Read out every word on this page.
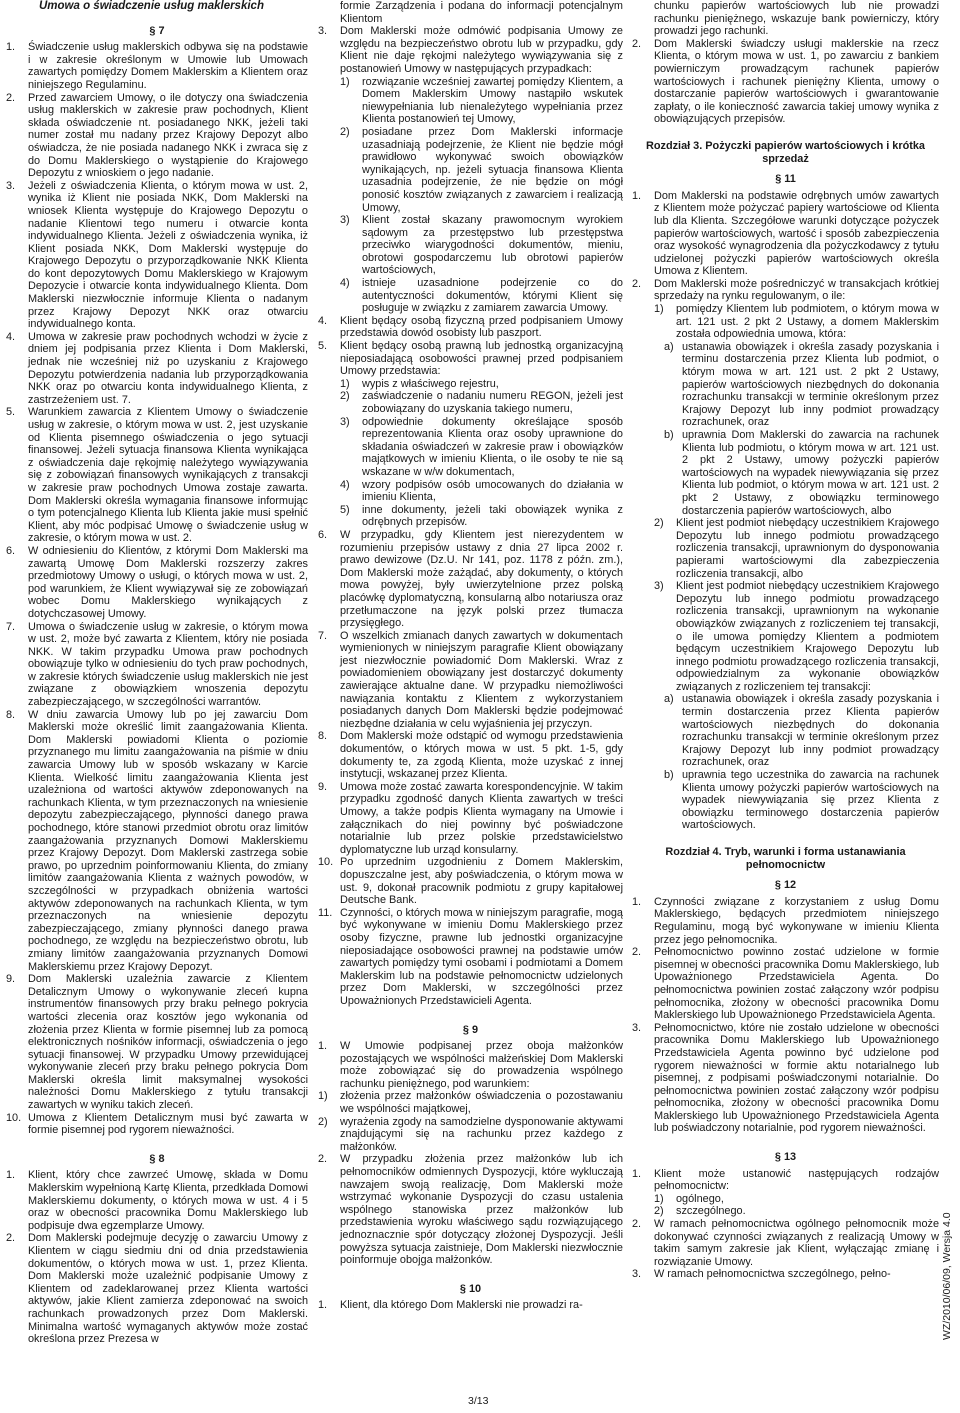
Umowa o świadczenie usług maklerskich
§ 7
1.	Świadczenie usług maklerskich odbywa się na podstawie i w zakresie określonym w Umowie lub Umowach zawartych pomiędzy Domem Maklerskim a Klientem oraz niniejszego Regulaminu.
2.	Przed zawarciem Umowy, o ile dotyczy ona świadczenia usług maklerskich w zakresie praw pochodnych, Klient składa oświadczenie nt. posiadanego NKK, jeżeli taki numer został mu nadany przez Krajowy Depozyt albo oświadcza, że nie posiada nadanego NKK i zwraca się z do Domu Maklerskiego o wystąpienie do Krajowego Depozytu z wnioskiem o jego nadanie.
3.	Jeżeli z oświadczenia Klienta, o którym mowa w ust. 2, wynika iż Klient nie posiada NKK, Dom Maklerski na wniosek Klienta występuje do Krajowego Depozytu o nadanie Klientowi tego numeru i otwarcie konta indywidualnego Klienta. Jeżeli z oświadczenia wynika, iż Klient posiada NKK, Dom Maklerski występuje do Krajowego Depozytu o przyporządkowanie NKK Klienta do kont depozytowych Domu Maklerskiego w Krajowym Depozycie i otwarcie konta indywidualnego Klienta. Dom Maklerski niezwłocznie informuje Klienta o nadanym przez Krajowy Depozyt NKK oraz otwarciu indywidualnego konta.
4.	Umowa w zakresie praw pochodnych wchodzi w życie z dniem jej podpisania przez Klienta i Dom Maklerski, jednak nie wcześniej niż po uzyskaniu z Krajowego Depozytu potwierdzenia nadania lub przyporządkowania NKK oraz po otwarciu konta indywidualnego Klienta, z zastrzeżeniem ust. 7.
5.	Warunkiem zawarcia z Klientem Umowy o świadczenie usług w zakresie, o którym mowa w ust. 2, jest uzyskanie od Klienta pisemnego oświadczenia o jego sytuacji finansowej. Jeżeli sytuacja finansowa Klienta wynikająca z oświadczenia daje rękojmię należytego wywiązywania się z zobowiązań finansowych wynikających z transakcji w zakresie praw pochodnych Umowa zostaje zawarta. Dom Maklerski określa wymagania finansowe informując o tym potencjalnego Klienta lub Klienta jakie musi spełnić Klient, aby móc podpisać Umowę o świadczenie usług w zakresie, o którym mowa w ust. 2.
6.	W odniesieniu do Klientów, z którymi Dom Maklerski ma zawartą Umowę Dom Maklerski rozszerzy zakres przedmiotowy Umowy o usługi, o których mowa w ust. 2, pod warunkiem, że Klient wywiązywał się ze zobowiązań wobec Domu Maklerskiego wynikających z dotychczasowej Umowy.
7.	Umowa o świadczenie usług w zakresie, o którym mowa w ust. 2, może być zawarta z Klientem, który nie posiada NKK. W takim przypadku Umowa praw pochodnych obowiązuje tylko w odniesieniu do tych praw pochodnych, w zakresie których świadczenie usług maklerskich nie jest związane z obowiązkiem wnoszenia depozytu zabezpieczającego, w szczególności warrantów.
8.	W dniu zawarcia Umowy lub po jej zawarciu Dom Maklerski może określić limit zaangażowania Klienta. Dom Maklerski powiadomi Klienta o poziomie przyznanego mu limitu zaangażowania na piśmie w dniu zawarcia Umowy lub w sposób wskazany w Karcie Klienta. Wielkość limitu zaangażowania Klienta jest uzależniona od wartości aktywów zdeponowanych na rachunkach Klienta, w tym przeznaczonych na wniesienie depozytu zabezpieczającego, płynności danego prawa pochodnego, które stanowi przedmiot obrotu oraz limitów zaangażowania przyznanych Domowi Maklerskiemu przez Krajowy Depozyt. Dom Maklerski zastrzega sobie prawo, po uprzednim poinformowaniu Klienta, do zmiany limitów zaangażowania Klienta z ważnych powodów, w szczególności w przypadkach obniżenia wartości aktywów zdeponowanych na rachunkach Klienta, w tym przeznaczonych na wniesienie depozytu zabezpieczającego, zmiany płynności danego prawa pochodnego, ze względu na bezpieczeństwo obrotu, lub zmiany limitów zaangażowania przyznanych Domowi Maklerskiemu przez Krajowy Depozyt.
9.	Dom Maklerski uzależnia zawarcie z Klientem Detalicznym Umowy o wykonywanie zleceń kupna instrumentów finansowych przy braku pełnego pokrycia wartości zlecenia oraz kosztów jego wykonania od złożenia przez Klienta w formie pisemnej lub za pomocą elektronicznych nośników informacji, oświadczenia o jego sytuacji finansowej. W przypadku Umowy przewidującej wykonywanie zleceń przy braku pełnego pokrycia Dom Maklerski określa limit maksymalnej wysokości należności Domu Maklerskiego z tytułu transakcji zawartych w wyniku takich zleceń.
10. Umowa z Klientem Detalicznym musi być zawarta w formie pisemnej pod rygorem nieważności.
§ 8
1.	Klient, który chce zawrzeć Umowę, składa w Domu Maklerskim wypełnioną Kartę Klienta, przedkłada Domowi Maklerskiemu dokumenty, o których mowa w ust. 4 i 5 oraz w obecności pracownika Domu Maklerskiego lub podpisuje dwa egzemplarze Umowy.
2.	Dom Maklerski podejmuje decyzję o zawarciu Umowy z Klientem w ciągu siedmiu dni od dnia przedstawienia dokumentów, o których mowa w ust. 1, przez Klienta. Dom Maklerski może uzależnić podpisanie Umowy z Klientem od zadeklarowanej przez Klienta wartości aktywów, jakie Klient zamierza zdeponować na swoich rachunkach prowadzonych przez Dom Maklerski. Minimalna wartość wymaganych aktywów może zostać określona przez Prezesa w
formie Zarządzenia i podana do informacji potencjalnym Klientom
3.	Dom Maklerski może odmówić podpisania Umowy ze względu na bezpieczeństwo obrotu lub w przypadku, gdy Klient nie daje rękojmi należytego wywiązywania się z postanowień Umowy w następujących przypadkach:
1)	rozwiązanie wcześniej zawartej pomiędzy Klientem, a Domem Maklerskim Umowy nastąpiło wskutek niewypełniania lub nienależytego wypełniania przez Klienta postanowień tej Umowy,
2)	posiadane przez Dom Maklerski informacje uzasadniają podejrzenie, że Klient nie będzie mógł prawidłowo wykonywać swoich obowiązków wynikających, np. jeżeli sytuacja finansowa Klienta uzasadnia podejrzenie, że nie będzie on mógł ponosić kosztów związanych z zawarciem i realizacją Umowy,
3)	Klient został skazany prawomocnym wyrokiem sądowym za przestępstwo lub przestępstwa przeciwko wiarygodności dokumentów, mieniu, obrotowi gospodarczemu lub obrotowi papierów wartościowych,
4)	istnieje uzasadnione podejrzenie co do autentyczności dokumentów, którymi Klient się posługuje w związku z zamiarem zawarcia Umowy.
4.	Klient będący osobą fizyczną przed podpisaniem Umowy przedstawia dowód osobisty lub paszport.
5.	Klient będący osobą prawną lub jednostką organizacyjną nieposiadającą osobowości prawnej przed podpisaniem Umowy przedstawia:
1)	wypis z właściwego rejestru,
2)	zaświadczenie o nadaniu numeru REGON, jeżeli jest zobowiązany do uzyskania takiego numeru,
3)	odpowiednie dokumenty określające sposób reprezentowania Klienta oraz osoby uprawnione do składania oświadczeń w zakresie praw i obowiązków majątkowych w imieniu Klienta, o ile osoby te nie są wskazane w w/w dokumentach,
4)	wzory podpisów osób umocowanych do działania w imieniu Klienta,
5)	inne dokumenty, jeżeli taki obowiązek wynika z odrębnych przepisów.
6.	W przypadku, gdy Klientem jest nierezydentem w rozumieniu przepisów ustawy z dnia 27 lipca 2002 r. prawo dewizowe (Dz.U. Nr 141, poz. 1178 z późn. zm.), Dom Maklerski może zażądać, aby dokumenty, o których mowa powyżej, były uwierzytelnione przez polską placówkę dyplomatyczną, konsularną albo notariusza oraz przetłumaczone na język polski przez tłumacza przysięgłego.
7.	O wszelkich zmianach danych zawartych w dokumentach wymienionych w niniejszym paragrafie Klient obowiązany jest niezwłocznie powiadomić Dom Maklerski. Wraz z powiadomieniem obowiązany jest dostarczyć dokumenty zawierające aktualne dane. W przypadku niemożliwości nawiązania kontaktu z Klientem z wykorzystaniem posiadanych danych Dom Maklerski będzie podejmować niezbędne działania w celu wyjaśnienia jej przyczyn.
8.	Dom Maklerski może odstąpić od wymogu przedstawienia dokumentów, o których mowa w ust. 5 pkt. 1-5, gdy dokumenty te, za zgodą Klienta, może uzyskać z innej instytucji, wskazanej przez Klienta.
9.	Umowa może zostać zawarta korespondencyjnie. W takim przypadku zgodność danych Klienta zawartych w treści Umowy, a także podpis Klienta wymagany na Umowie i załącznikach do niej powinny być poświadczone notarialnie lub przez polskie przedstawicielstwo dyplomatyczne lub urząd konsularny.
10. Po uprzednim uzgodnieniu z Domem Maklerskim, dopuszczalne jest, aby poświadczenia, o którym mowa w ust. 9, dokonał pracownik podmiotu z grupy kapitałowej Deutsche Bank.
11. Czynności, o których mowa w niniejszym paragrafie, mogą być wykonywane w imieniu Domu Maklerskiego przez osoby fizyczne, prawne lub jednostki organizacyjne nieposiadające osobowości prawnej na podstawie umów zawartych pomiędzy tymi osobami i podmiotami a Domem Maklerskim lub na podstawie pełnomocnictw udzielonych przez Dom Maklerski, w szczególności przez Upoważnionych Przedstawicieli Agenta.
§ 9
1.	W Umowie podpisanej przez oboja małżonków pozostających we wspólności małżeńskiej Dom Maklerski może zobowiązać się do prowadzenia wspólnego rachunku pieniężnego, pod warunkiem:
1)	złożenia przez małżonków oświadczenia o pozostawaniu we wspólności majątkowej,
2)	wyrażenia zgody na samodzielne dysponowanie aktywami znajdującymi się na rachunku przez każdego z małżonków.
2.	W przypadku złożenia przez małżonków lub ich pełnomocników odmiennych Dyspozycji, które wykluczają nawzajem swoją realizację, Dom Maklerski może wstrzymać wykonanie Dyspozycji do czasu ustalenia wspólnego stanowiska przez małżonków lub przedstawienia wyroku właściwego sądu rozwiązującego jednoznacznie spór dotyczący złożonej Dyspozycji. Jeśli powyższa sytuacja zaistnieje, Dom Maklerski niezwłocznie poinformuje obojga małżonków.
§ 10
1.	Klient, dla którego Dom Maklerski nie prowadzi ra-
chunku papierów wartościowych lub nie prowadzi rachunku pieniężnego, wskazuje bank powierniczy, który prowadzi jego rachunki.
2.	Dom Maklerski świadczy usługi maklerskie na rzecz Klienta, o którym mowa w ust. 1, po zawarciu z bankiem powierniczym prowadzącym rachunek papierów wartościowych i rachunek pieniężny Klienta, umowy o dostarczanie papierów wartościowych i gwarantowanie zapłaty, o ile konieczność zawarcia takiej umowy wynika z obowiązujących przepisów.
Rozdział 3. Pożyczki papierów wartościowych i krótka sprzedaż
§ 11
1.	Dom Maklerski na podstawie odrębnych umów zawartych z Klientem może pożyczać papiery wartościowe od Klienta lub dla Klienta. Szczegółowe warunki dotyczące pożyczek papierów wartościowych, wartość i sposób zabezpieczenia oraz wysokość wynagrodzenia dla pożyczkodawcy z tytułu udzielonej pożyczki papierów wartościowych określa Umowa z Klientem.
2.	Dom Maklerski może pośredniczyć w transakcjach krótkiej sprzedaży na rynku regulowanym, o ile:
1)	pomiędzy Klientem lub podmiotem, o którym mowa w art. 121 ust. 2 pkt 2 Ustawy, a domem Maklerskim została odpowiednia umowa, która:
a) ustanawia obowiązek i określa zasady pozyskania i terminu dostarczenia przez Klienta lub podmiot, o którym mowa w art. 121 ust. 2 pkt 2 Ustawy, papierów wartościowych niezbędnych do dokonania rozrachunku transakcji w terminie określonym przez Krajowy Depozyt lub inny podmiot prowadzący rozrachunek, oraz
b) uprawnia Dom Maklerski do zawarcia na rachunek Klienta lub podmiotu, o którym mowa w art. 121 ust. 2 pkt 2 Ustawy, umowy pożyczki papierów wartościowych na wypadek niewywiązania się przez Klienta lub podmiot, o którym mowa w art. 121 ust. 2 pkt 2 Ustawy, z obowiązku terminowego dostarczenia papierów wartościowych, albo
2)	Klient jest podmiot niebędący uczestnikiem Krajowego Depozytu lub innego podmiotu prowadzącego rozliczenia transakcji, uprawnionym do dysponowania papierami wartościowymi dla zabezpieczenia rozliczenia transakcji, albo
3)	Klient jest podmiot niebędący uczestnikiem Krajowego Depozytu lub innego podmiotu prowadzącego rozliczenia transakcji, uprawnionym na wykonanie obowiązków związanych z rozliczeniem tej transakcji, o ile umowa pomiędzy Klientem a podmiotem będącym uczestnikiem Krajowego Depozytu lub innego podmiotu prowadzącego rozliczenia transakcji, odpowiedzialnym za wykonanie obowiązków związanych z rozliczeniem tej transakcji:
a) ustanawia obowiązek i określa zasady pozyskania i termin dostarczenia przez Klienta papierów wartościowych niezbędnych do dokonania rozrachunku transakcji w terminie określonym przez Krajowy Depozyt lub inny podmiot prowadzący rozrachunek, oraz
b) uprawnia tego uczestnika do zawarcia na rachunek Klienta umowy pożyczki papierów wartościowych na wypadek niewywiązania się przez Klienta z obowiązku terminowego dostarczenia papierów wartościowych.
Rozdział 4. Tryb, warunki i forma ustanawiania pełnomocnictw
§ 12
1.	Czynności związane z korzystaniem z usług Domu Maklerskiego, będących przedmiotem niniejszego Regulaminu, mogą być wykonywane w imieniu Klienta przez jego pełnomocnika.
2.	Pełnomocnictwo powinno zostać udzielone w formie pisemnej w obecności pracownika Domu Maklerskiego, lub Upoważnionego Przedstawiciela Agenta. Do pełnomocnictwa powinien zostać załączony wzór podpisu pełnomocnika, złożony w obecności pracownika Domu Maklerskiego lub Upoważnionego Przedstawiciela Agenta.
3.	Pełnomocnictwo, które nie zostało udzielone w obecności pracownika Domu Maklerskiego lub Upoważnionego Przedstawiciela Agenta powinno być udzielone pod rygorem nieważności w formie aktu notarialnego lub pisemnej, z podpisami poświadczonymi notarialnie. Do pełnomocnictwa powinien zostać załączony wzór podpisu pełnomocnika, złożony w obecności pracownika Domu Maklerskiego lub Upoważnionego Przedstawiciela Agenta lub poświadczony notarialnie, pod rygorem nieważności.
§ 13
1.	Klient może ustanowić następujących rodzajów pełnomocnictw:
1)	ogólnego,
2)	szczególnego.
2.	W ramach pełnomocnictwa ogólnego pełnomocnik może dokonywać czynności związanych z realizacją Umowy w takim samym zakresie jak Klient, wyłączając zmianę i rozwiązanie Umowy.
3.	W ramach pełnomocnictwa szczególnego, pełno-	WZ/2010/06/09, Wersja 4.0
3/13
